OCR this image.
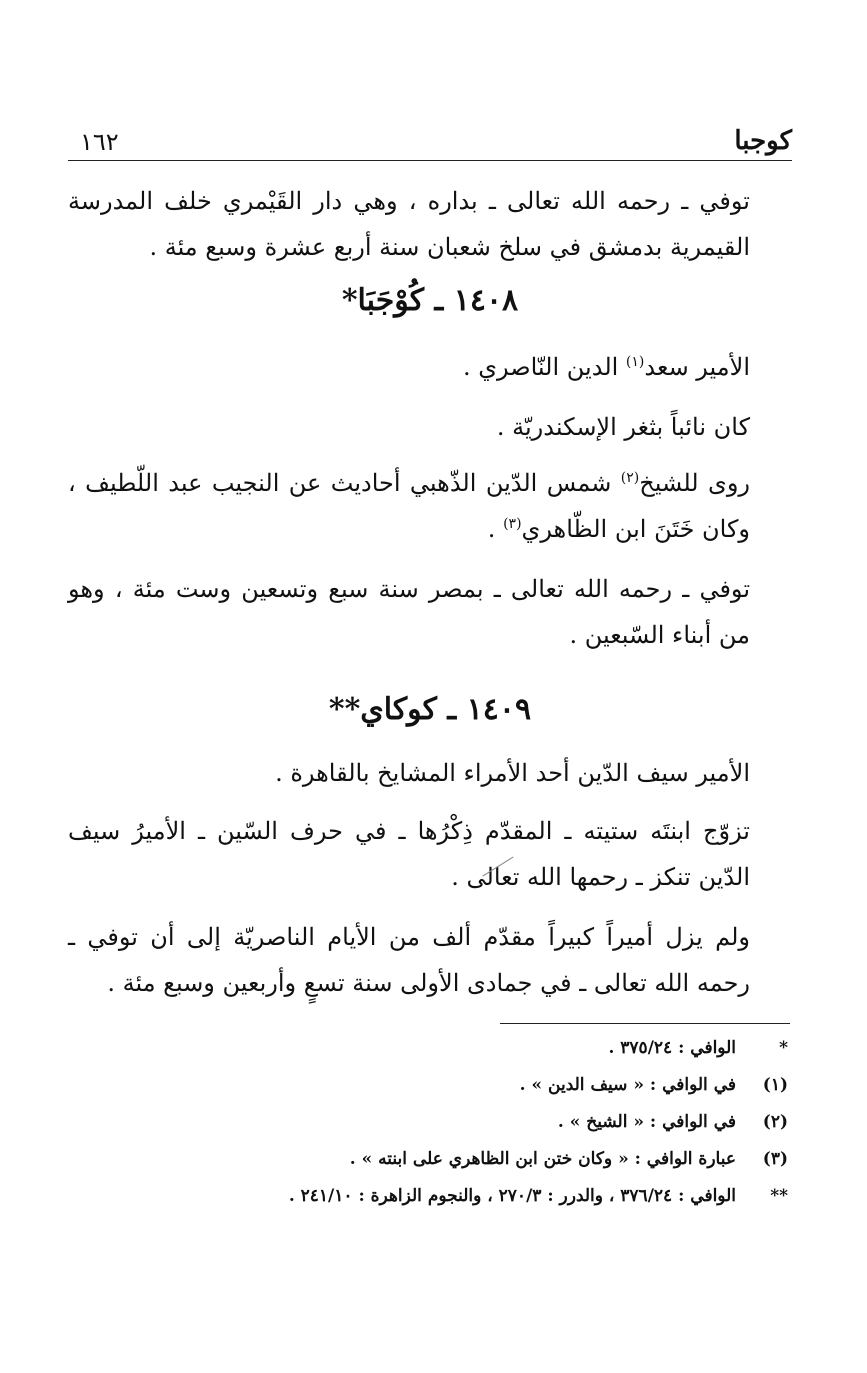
كوجبا
١٦٢

توفي ـ رحمه الله تعالى ـ بداره ، وهي دار القَيْمري خلف المدرسة القيمرية بدمشق في سلخ شعبان سنة أربع عشرة وسبع مئة .

١٤٠٨ ـ كُوْجَبَا*

الأمير سعد$^{(١)}$ الدين النّاصري .

كان نائباً بثغر الإسكندريّة .

روى للشيخ$^{(٢)}$ شمس الدّين الذّهبي أحاديث عن النجيب عبد اللّطيف ، وكان خَتَنَ ابن الظّاهري$^{(٣)}$ .

توفي ـ رحمه الله تعالى ـ بمصر سنة سبع وتسعين وست مئة ، وهو من أبناء السّبعين .

١٤٠٩ ـ كوكاي**

الأمير سيف الدّين أحد الأمراء المشايخ بالقاهرة .

تزوّج ابنتَه ستيته ـ المقدّم ذِكْرُها ـ في حرف السّين ـ الأميرُ سيف الدّين تنكز ـ رحمها الله تعالى .

ولم يزل أميراً كبيراً مقدّم ألف من الأيام الناصريّة إلى أن توفي ـ رحمه الله تعالى ـ في جمادى الأولى سنة تسعٍ وأربعين وسبع مئة .

*
الوافي : ٣٧٥/٢٤ .
(١)
في الوافي : « سيف الدين » .
(٢)
في الوافي : « الشيخ » .
(٣)
عبارة الوافي : « وكان ختن ابن الظاهري على ابنته » .
**
الوافي : ٣٧٦/٢٤ ، والدرر : ٢٧٠/٣ ، والنجوم الزاهرة : ٢٤١/١٠ .
